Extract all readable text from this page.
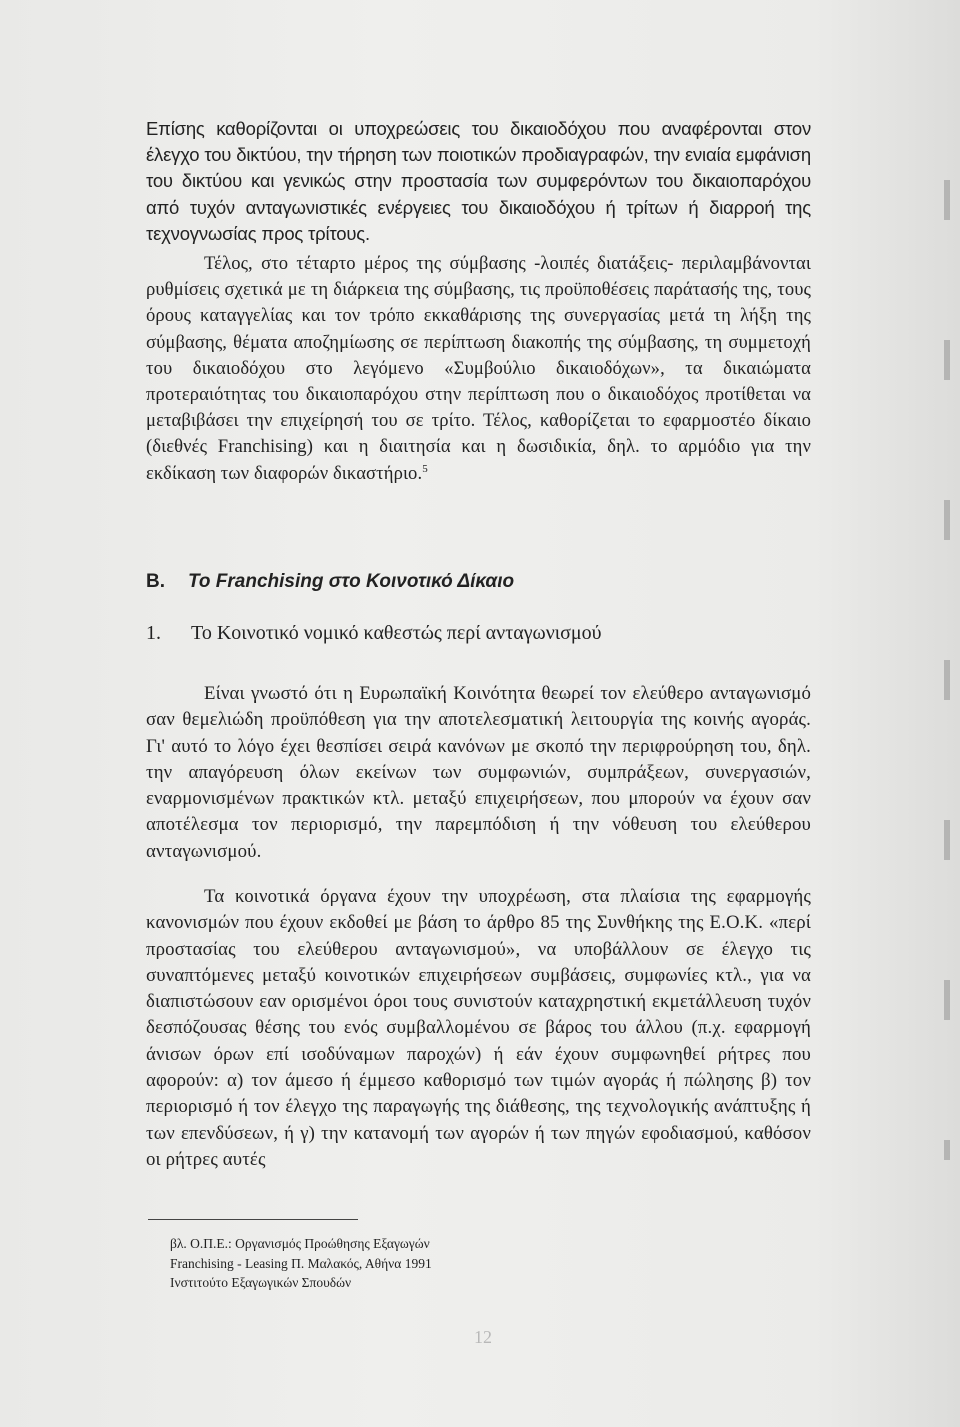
Επίσης καθορίζονται οι υποχρεώσεις του δικαιοδόχου που αναφέρονται στον έλεγχο του δικτύου, την τήρηση των ποιοτικών προδιαγραφών, την ενιαία εμφάνιση του δικτύου και γενικώς στην προστασία των συμφερόντων του δικαιοπαρόχου από τυχόν ανταγωνιστικές ενέργειες του δικαιοδόχου ή τρίτων ή διαρροή της τεχνογνωσίας προς τρίτους.

Τέλος, στο τέταρτο μέρος της σύμβασης -λοιπές διατάξεις- περιλαμβάνονται ρυθμίσεις σχετικά με τη διάρκεια της σύμβασης, τις προϋποθέσεις παράτασής της, τους όρους καταγγελίας και τον τρόπο εκκαθάρισης της συνεργασίας μετά τη λήξη της σύμβασης, θέματα αποζημίωσης σε περίπτωση διακοπής της σύμβασης, τη συμμετοχή του δικαιοδόχου στο λεγόμενο «Συμβούλιο δικαιοδόχων», τα δικαιώματα προτεραιότητας του δικαιοπαρόχου στην περίπτωση που ο δικαιοδόχος προτίθεται να μεταβιβάσει την επιχείρησή του σε τρίτο. Τέλος, καθορίζεται το εφαρμοστέο δίκαιο (διεθνές Franchising) και η διαιτησία και η δωσιδικία, δηλ. το αρμόδιο για την εκδίκαση των διαφορών δικαστήριο.$^5$

Β. Το Franchising στο Κοινοτικό Δίκαιο
1. Το Κοινοτικό νομικό καθεστώς περί ανταγωνισμού

Είναι γνωστό ότι η Ευρωπαϊκή Κοινότητα θεωρεί τον ελεύθερο ανταγωνισμό σαν θεμελιώδη προϋπόθεση για την αποτελεσματική λειτουργία της κοινής αγοράς. Γι' αυτό το λόγο έχει θεσπίσει σειρά κανόνων με σκοπό την περιφρούρηση του, δηλ. την απαγόρευση όλων εκείνων των συμφωνιών, συμπράξεων, συνεργασιών, εναρμονισμένων πρακτικών κτλ. μεταξύ επιχειρήσεων, που μπορούν να έχουν σαν αποτέλεσμα τον περιορισμό, την παρεμπόδιση ή την νόθευση του ελεύθερου ανταγωνισμού.

Τα κοινοτικά όργανα έχουν την υποχρέωση, στα πλαίσια της εφαρμογής κανονισμών που έχουν εκδοθεί με βάση το άρθρο 85 της Συνθήκης της Ε.Ο.Κ. «περί προστασίας του ελεύθερου ανταγωνισμού», να υποβάλλουν σε έλεγχο τις συναπτόμενες μεταξύ κοινοτικών επιχειρήσεων συμβάσεις, συμφωνίες κτλ., για να διαπιστώσουν εαν ορισμένοι όροι τους συνιστούν καταχρηστική εκμετάλλευση τυχόν δεσπόζουσας θέσης του ενός συμβαλλομένου σε βάρος του άλλου (π.χ. εφαρμογή άνισων όρων επί ισοδύναμων παροχών) ή εάν έχουν συμφωνηθεί ρήτρες που αφορούν: α) τον άμεσο ή έμμεσο καθορισμό των τιμών αγοράς ή πώλησης β) τον περιορισμό ή τον έλεγχο της παραγωγής της διάθεσης, της τεχνολογικής ανάπτυξης ή των επενδύσεων, ή γ) την κατανομή των αγορών ή των πηγών εφοδιασμού, καθόσον οι ρήτρες αυτές

βλ. Ο.Π.Ε.: Οργανισμός Προώθησης Εξαγωγών
Franchising - Leasing Π. Μαλακός, Αθήνα 1991
Ινστιτούτο Εξαγωγικών Σπουδών

12
